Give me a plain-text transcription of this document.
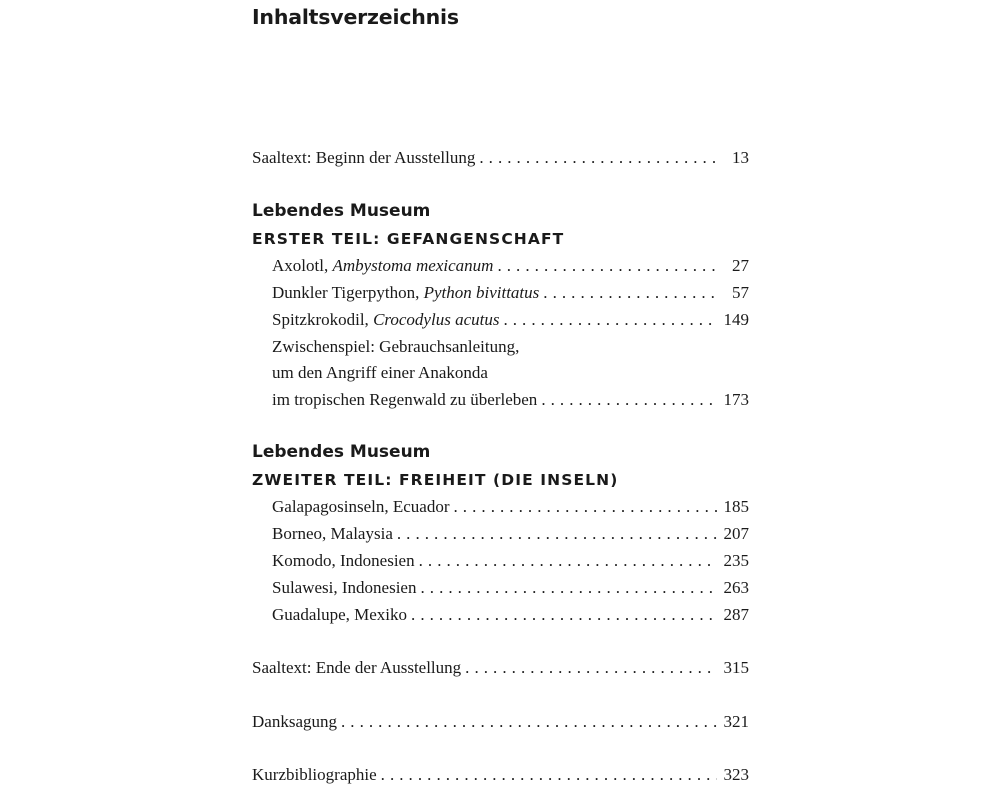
Inhaltsverzeichnis
Saaltext: Beginn der Ausstellung . . .	13
Lebendes Museum
ERSTER TEIL: GEFANGENSCHAFT
Axolotl, Ambystoma mexicanum . . .	27
Dunkler Tigerpython, Python bivittatus . . .	57
Spitzkrokodil, Crocodylus acutus . . .	149
Zwischenspiel: Gebrauchsanleitung,
um den Angriff einer Anakonda
im tropischen Regenwald zu überleben . . .	173
Lebendes Museum
ZWEITER TEIL: FREIHEIT (DIE INSELN)
Galapagosinseln, Ecuador . . .	185
Borneo, Malaysia . . .	207
Komodo, Indonesien . . .	235
Sulawesi, Indonesien . . .	263
Guadalupe, Mexiko . . .	287
Saaltext: Ende der Ausstellung . . .	315
Danksagung . . .	321
Kurzbibliographie . . .	323
